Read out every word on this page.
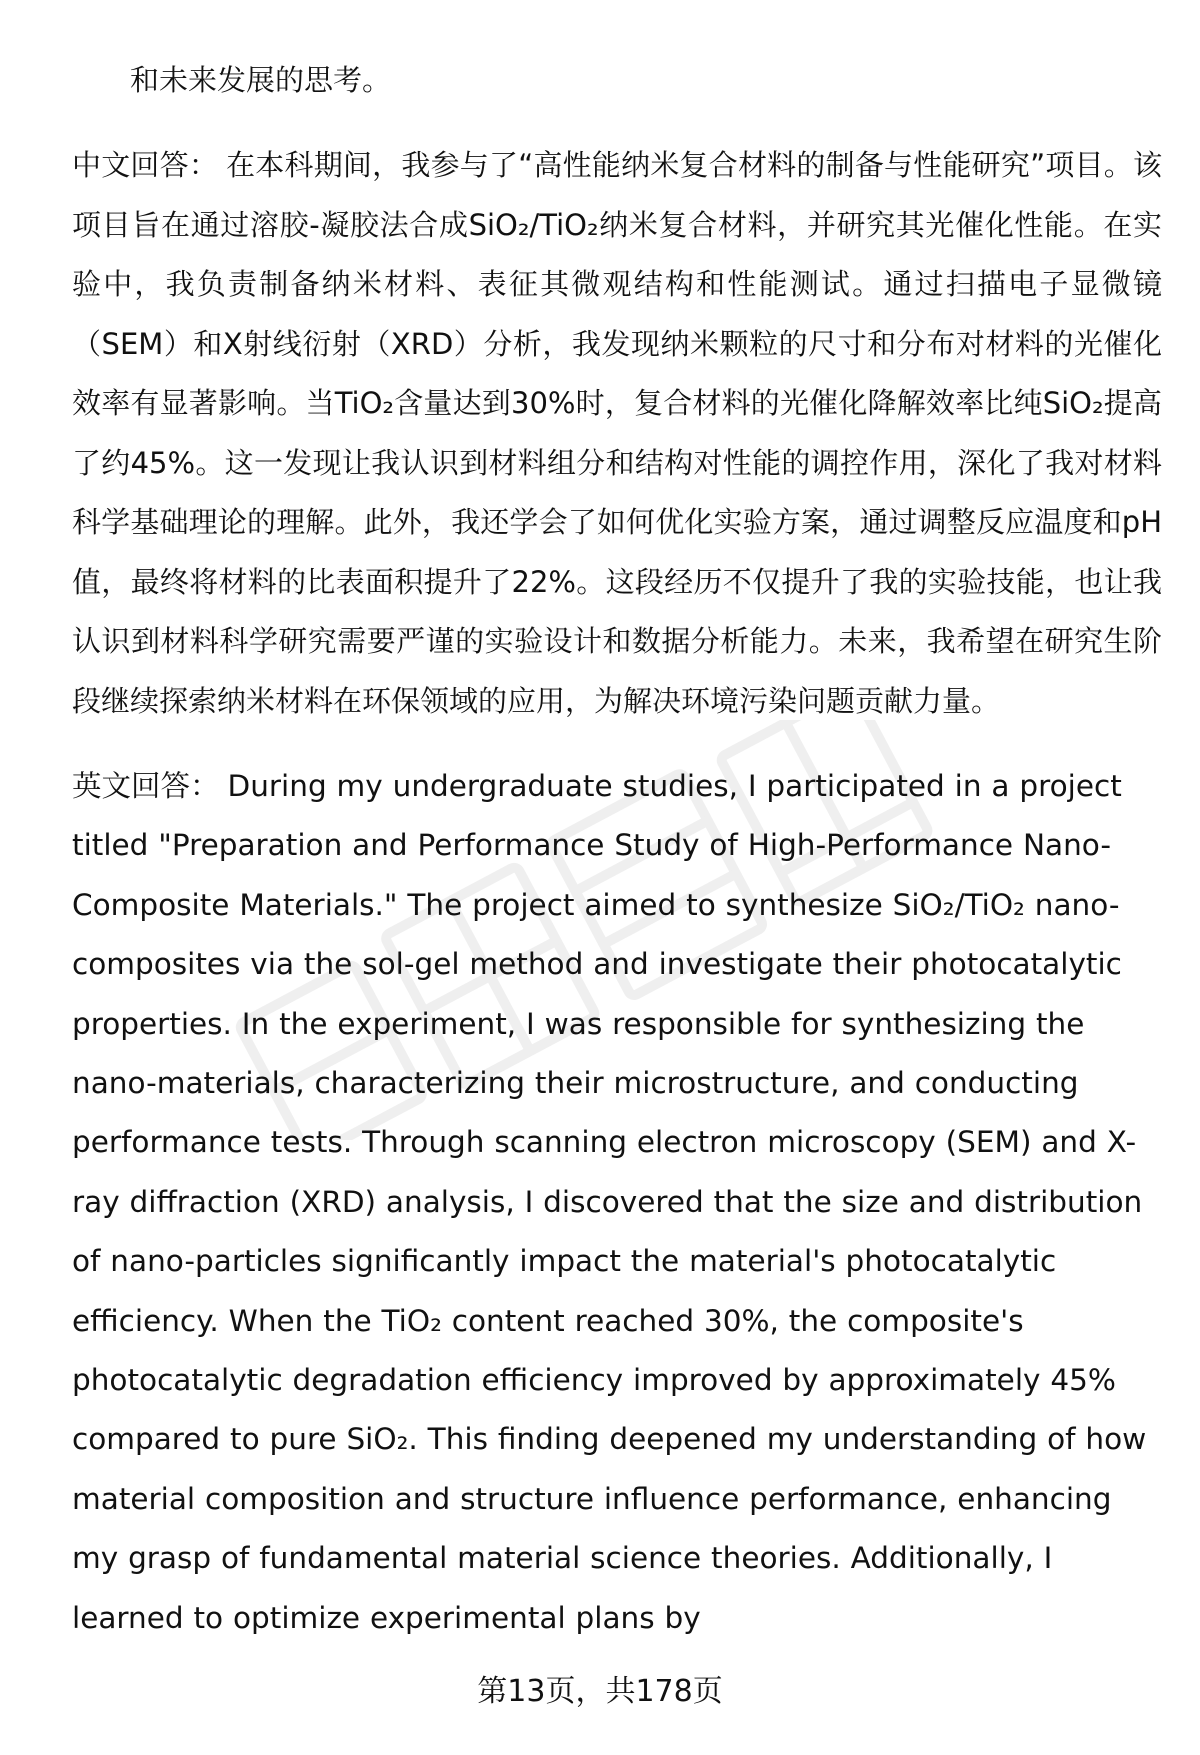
和未来发展的思考。

中文回答： 在本科期间，我参与了“高性能纳米复合材料的制备与性能研究”项目。该项目旨在通过溶胶-凝胶法合成SiO₂/TiO₂纳米复合材料，并研究其光催化性能。在实验中，我负责制备纳米材料、表征其微观结构和性能测试。通过扫描电子显微镜（SEM）和X射线衍射（XRD）分析，我发现纳米颗粒的尺寸和分布对材料的光催化效率有显著影响。当TiO₂含量达到30%时，复合材料的光催化降解效率比纯SiO₂提高了约45%。这一发现让我认识到材料组分和结构对性能的调控作用，深化了我对材料科学基础理论的理解。此外，我还学会了如何优化实验方案，通过调整反应温度和pH值，最终将材料的比表面积提升了22%。这段经历不仅提升了我的实验技能，也让我认识到材料科学研究需要严谨的实验设计和数据分析能力。未来，我希望在研究生阶段继续探索纳米材料在环保领域的应用，为解决环境污染问题贡献力量。

英文回答： During my undergraduate studies, I participated in a project titled "Preparation and Performance Study of High-Performance Nano-Composite Materials." The project aimed to synthesize SiO₂/TiO₂ nano-composites via the sol-gel method and investigate their photocatalytic properties. In the experiment, I was responsible for synthesizing the nano-materials, characterizing their microstructure, and conducting performance tests. Through scanning electron microscopy (SEM) and X-ray diffraction (XRD) analysis, I discovered that the size and distribution of nano-particles significantly impact the material's photocatalytic efficiency. When the TiO₂ content reached 30%, the composite's photocatalytic degradation efficiency improved by approximately 45% compared to pure SiO₂. This finding deepened my understanding of how material composition and structure influence performance, enhancing my grasp of fundamental material science theories. Additionally, I learned to optimize experimental plans by

第13页，共178页
